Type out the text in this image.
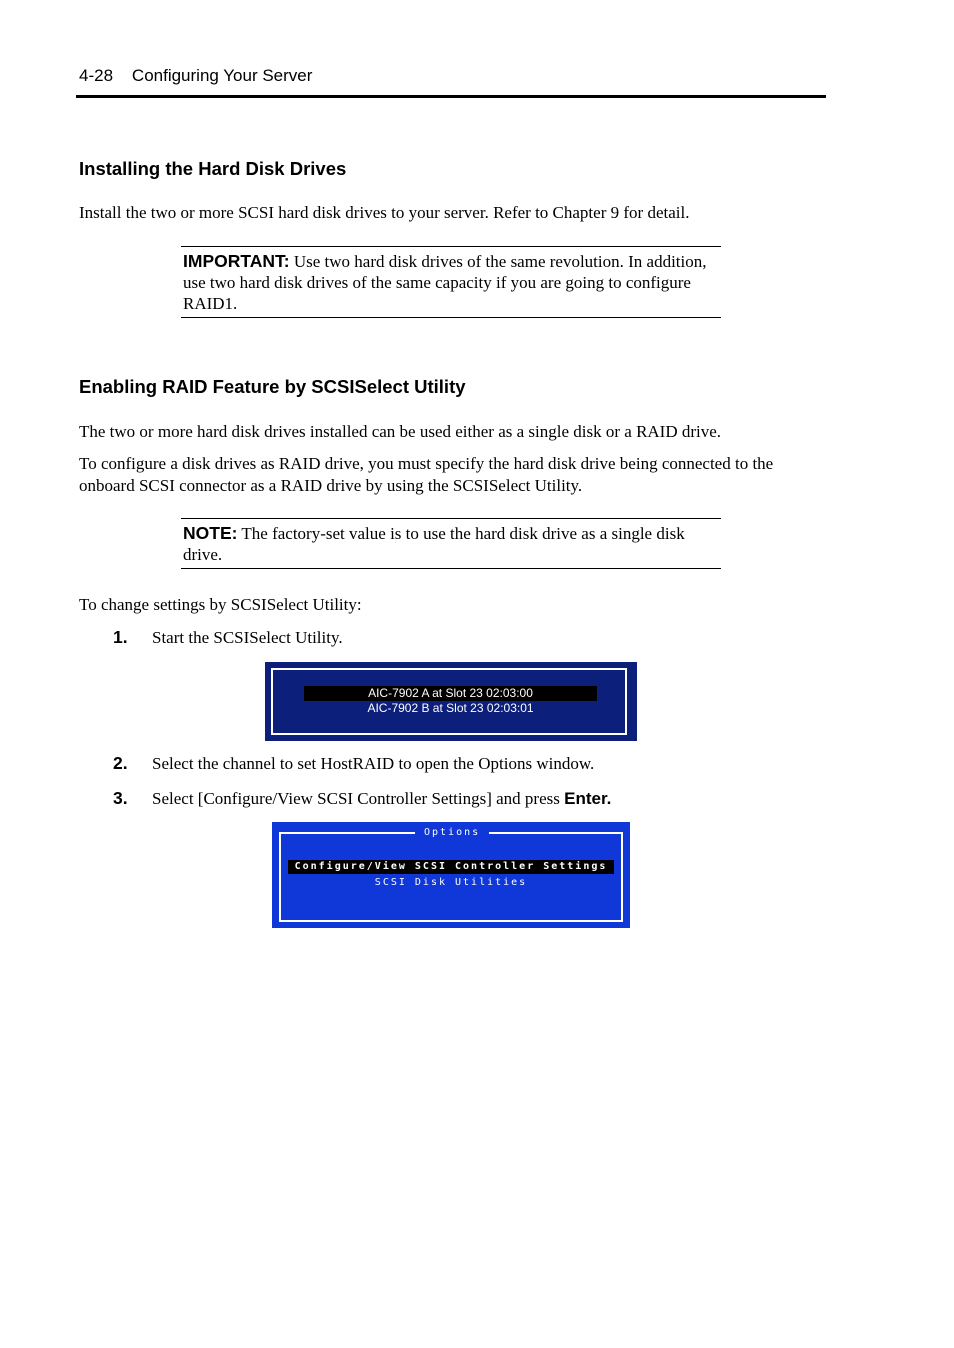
4-28    Configuring Your Server
Installing the Hard Disk Drives
Install the two or more SCSI hard disk drives to your server. Refer to Chapter 9 for detail.
IMPORTANT: Use two hard disk drives of the same revolution. In addition, use two hard disk drives of the same capacity if you are going to configure RAID1.
Enabling RAID Feature by SCSISelect Utility
The two or more hard disk drives installed can be used either as a single disk or a RAID drive.
To configure a disk drives as RAID drive, you must specify the hard disk drive being connected to the onboard SCSI connector as a RAID drive by using the SCSISelect Utility.
NOTE: The factory-set value is to use the hard disk drive as a single disk drive.
To change settings by SCSISelect Utility:
1. Start the SCSISelect Utility.
AIC-7902 A at Slot 23 02:03:00
AIC-7902 B at Slot 23 02:03:01
2. Select the channel to set HostRAID to open the Options window.
3. Select [Configure/View SCSI Controller Settings] and press Enter.
Options
Configure/View SCSI Controller Settings
SCSI Disk Utilities
